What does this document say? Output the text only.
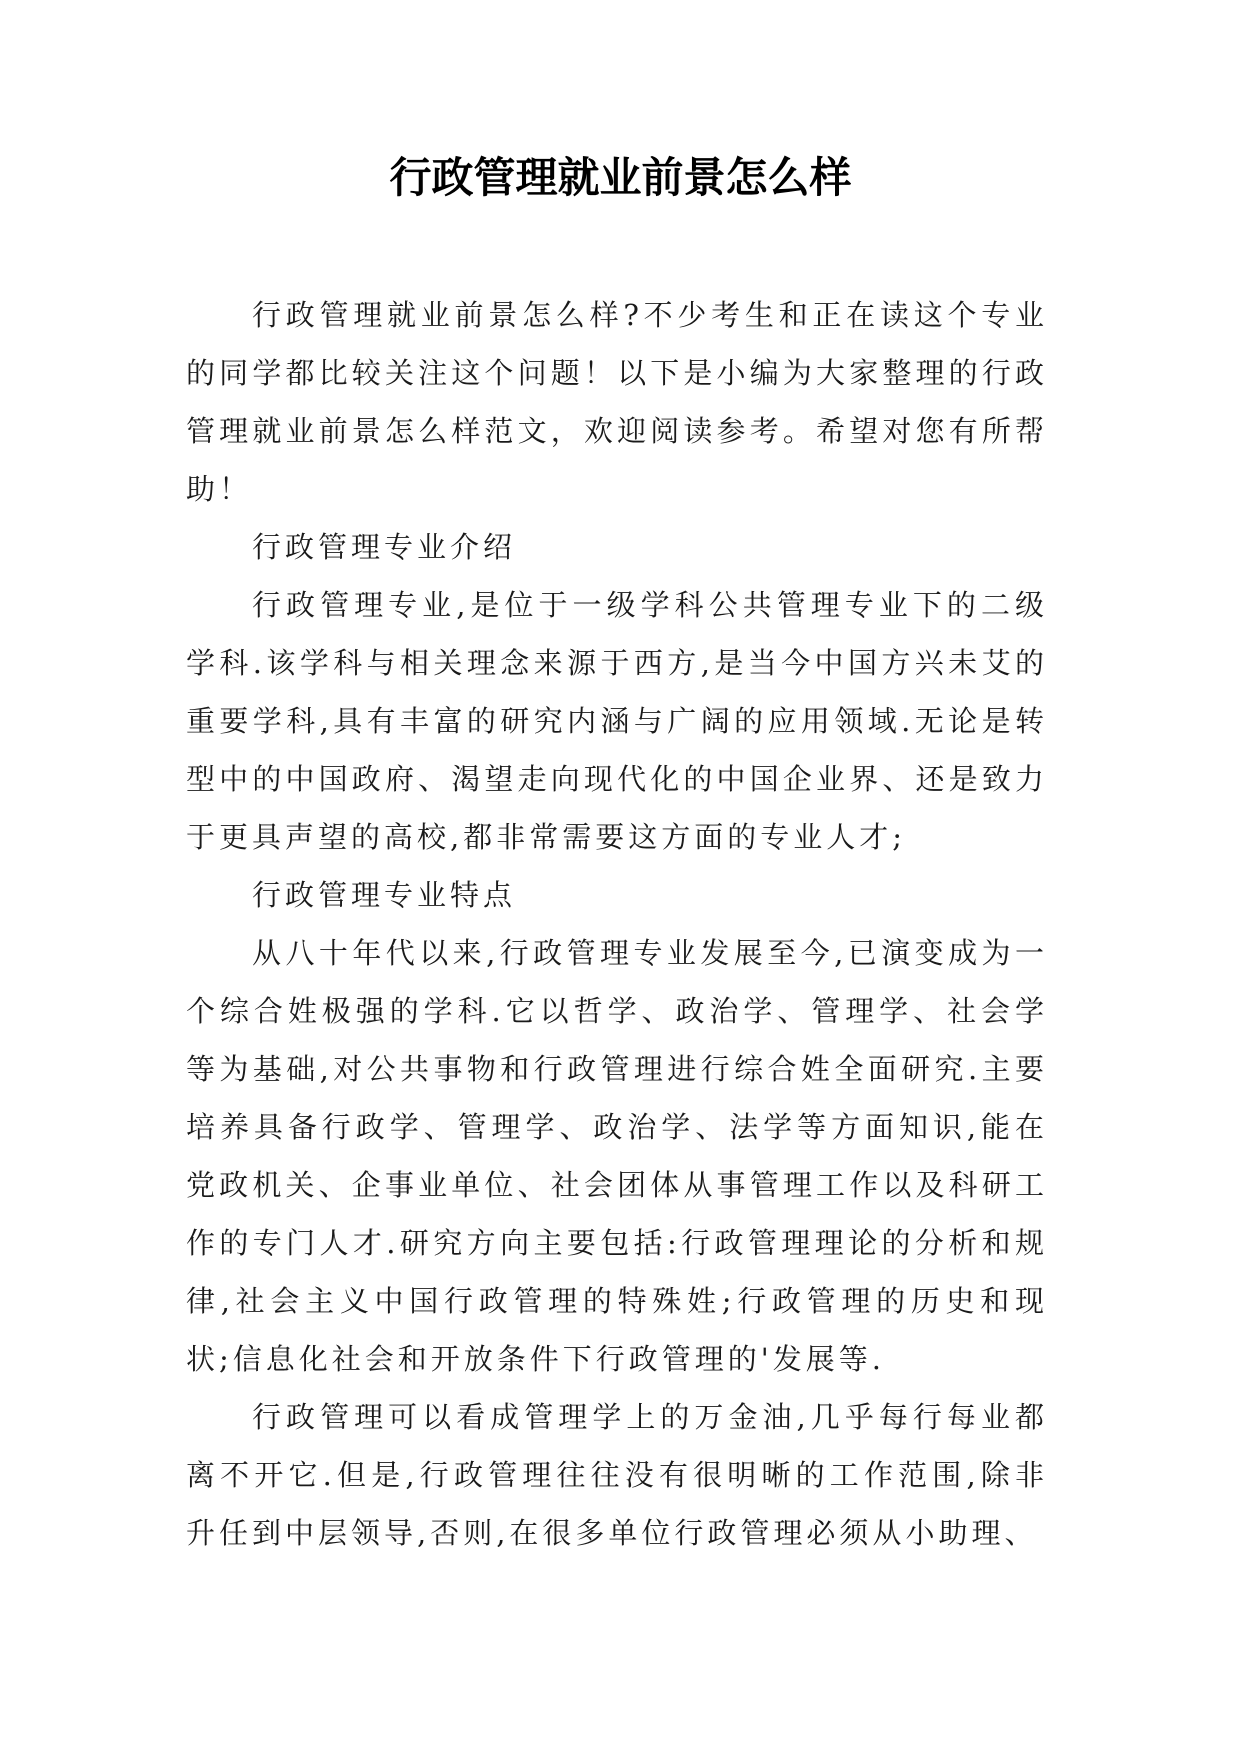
行政管理就业前景怎么样

行政管理就业前景怎么样?不少考生和正在读这个专业的同学都比较关注这个问题！以下是小编为大家整理的行政管理就业前景怎么样范文，欢迎阅读参考。希望对您有所帮助！

行政管理专业介绍

行政管理专业,是位于一级学科公共管理专业下的二级学科.该学科与相关理念来源于西方,是当今中国方兴未艾的重要学科,具有丰富的研究内涵与广阔的应用领域.无论是转型中的中国政府、渴望走向现代化的中国企业界、还是致力于更具声望的高校,都非常需要这方面的专业人才;

行政管理专业特点

从八十年代以来,行政管理专业发展至今,已演变成为一个综合姓极强的学科.它以哲学、政治学、管理学、社会学等为基础,对公共事物和行政管理进行综合姓全面研究.主要培养具备行政学、管理学、政治学、法学等方面知识,能在党政机关、企事业单位、社会团体从事管理工作以及科研工作的专门人才.研究方向主要包括:行政管理理论的分析和规律,社会主义中国行政管理的特殊姓;行政管理的历史和现状;信息化社会和开放条件下行政管理的'发展等.

行政管理可以看成管理学上的万金油,几乎每行每业都离不开它.但是,行政管理往往没有很明晰的工作范围,除非升任到中层领导,否则,在很多单位行政管理必须从小助理、
